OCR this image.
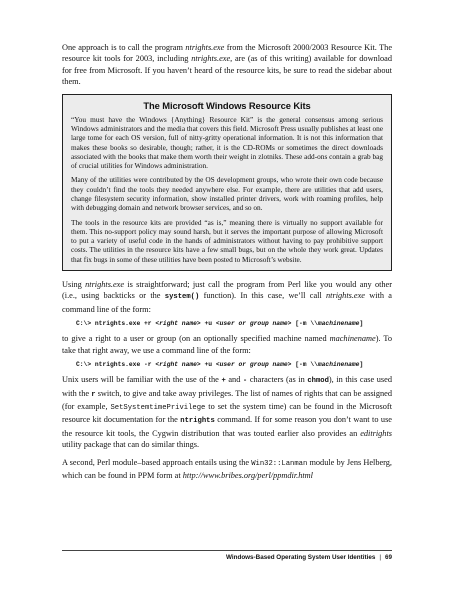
One approach is to call the program ntrights.exe from the Microsoft 2000/2003 Resource Kit. The resource kit tools for 2003, including ntrights.exe, are (as of this writing) available for download for free from Microsoft. If you haven’t heard of the resource kits, be sure to read the sidebar about them.

The Microsoft Windows Resource Kits

“You must have the Windows {Anything} Resource Kit” is the general consensus among serious Windows administrators and the media that covers this field. Microsoft Press usually publishes at least one large tome for each OS version, full of nitty-gritty operational information. It is not this information that makes these books so desirable, though; rather, it is the CD-ROMs or sometimes the direct downloads associated with the books that make them worth their weight in zlotniks. These add-ons contain a grab bag of crucial utilities for Windows administration.

Many of the utilities were contributed by the OS development groups, who wrote their own code because they couldn’t find the tools they needed anywhere else. For example, there are utilities that add users, change filesystem security information, show installed printer drivers, work with roaming profiles, help with debugging domain and network browser services, and so on.

The tools in the resource kits are provided “as is,” meaning there is virtually no support available for them. This no-support policy may sound harsh, but it serves the important purpose of allowing Microsoft to put a variety of useful code in the hands of administrators without having to pay prohibitive support costs. The utilities in the resource kits have a few small bugs, but on the whole they work great. Updates that fix bugs in some of these utilities have been posted to Microsoft’s website.

Using ntrights.exe is straightforward; just call the program from Perl like you would any other (i.e., using backticks or the system() function). In this case, we’ll call ntrights.exe with a command line of the form:

C:\> ntrights.exe +r <right name> +u <user or group name> [-m \\machinename]

to give a right to a user or group (on an optionally specified machine named machinename). To take that right away, we use a command line of the form:

C:\> ntrights.exe -r <right name> +u <user or group name> [-m \\machinename]

Unix users will be familiar with the use of the + and - characters (as in chmod), in this case used with the r switch, to give and take away privileges. The list of names of rights that can be assigned (for example, SetSystemtimePrivilege to set the system time) can be found in the Microsoft resource kit documentation for the ntrights command. If for some reason you don’t want to use the resource kit tools, the Cygwin distribution that was touted earlier also provides an editrights utility package that can do similar things.

A second, Perl module–based approach entails using the Win32::Lanman module by Jens Helberg, which can be found in PPM form at http://www.bribes.org/perl/ppmdir.html

Windows-Based Operating System User Identities | 69
